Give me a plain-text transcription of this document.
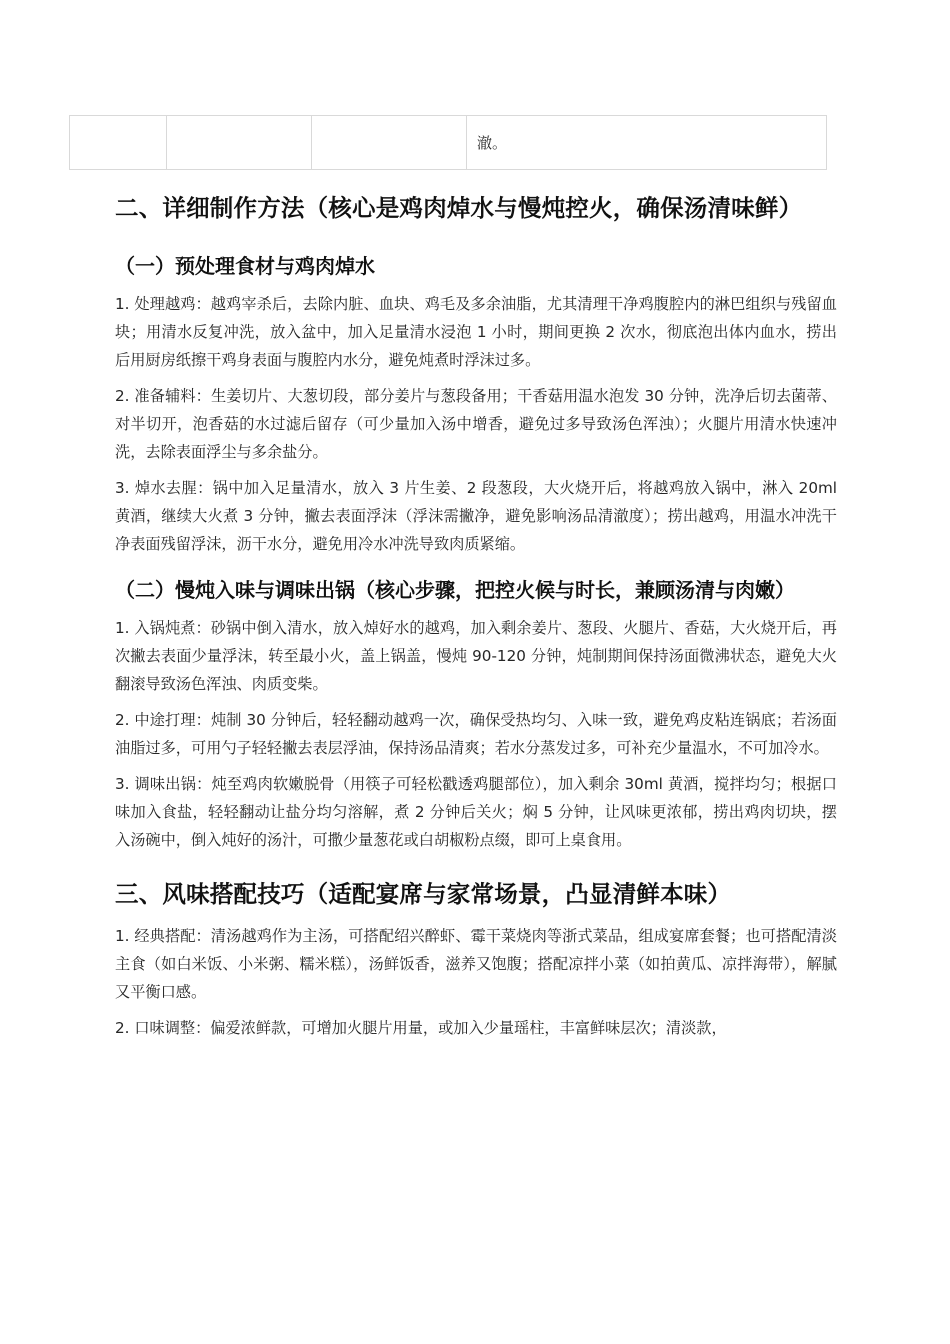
			澈。
二、详细制作方法（核心是鸡肉焯水与慢炖控火，确保汤清味鲜）
（一）预处理食材与鸡肉焯水

1. 处理越鸡：越鸡宰杀后，去除内脏、血块、鸡毛及多余油脂，尤其清理干净鸡腹腔内的淋巴组织与残留血块；用清水反复冲洗，放入盆中，加入足量清水浸泡 1 小时，期间更换 2 次水，彻底泡出体内血水，捞出后用厨房纸擦干鸡身表面与腹腔内水分，避免炖煮时浮沫过多。

2. 准备辅料：生姜切片、大葱切段，部分姜片与葱段备用；干香菇用温水泡发 30 分钟，洗净后切去菌蒂、对半切开，泡香菇的水过滤后留存（可少量加入汤中增香，避免过多导致汤色浑浊）；火腿片用清水快速冲洗，去除表面浮尘与多余盐分。

3. 焯水去腥：锅中加入足量清水，放入 3 片生姜、2 段葱段，大火烧开后，将越鸡放入锅中，淋入 20ml 黄酒，继续大火煮 3 分钟，撇去表面浮沫（浮沫需撇净，避免影响汤品清澈度）；捞出越鸡，用温水冲洗干净表面残留浮沫，沥干水分，避免用冷水冲洗导致肉质紧缩。

（二）慢炖入味与调味出锅（核心步骤，把控火候与时长，兼顾汤清与肉嫩）

1. 入锅炖煮：砂锅中倒入清水，放入焯好水的越鸡，加入剩余姜片、葱段、火腿片、香菇，大火烧开后，再次撇去表面少量浮沫，转至最小火，盖上锅盖，慢炖 90-120 分钟，炖制期间保持汤面微沸状态，避免大火翻滚导致汤色浑浊、肉质变柴。

2. 中途打理：炖制 30 分钟后，轻轻翻动越鸡一次，确保受热均匀、入味一致，避免鸡皮粘连锅底；若汤面油脂过多，可用勺子轻轻撇去表层浮油，保持汤品清爽；若水分蒸发过多，可补充少量温水，不可加冷水。

3. 调味出锅：炖至鸡肉软嫩脱骨（用筷子可轻松戳透鸡腿部位），加入剩余 30ml 黄酒，搅拌均匀；根据口味加入食盐，轻轻翻动让盐分均匀溶解，煮 2 分钟后关火；焖 5 分钟，让风味更浓郁，捞出鸡肉切块，摆入汤碗中，倒入炖好的汤汁，可撒少量葱花或白胡椒粉点缀，即可上桌食用。

三、风味搭配技巧（适配宴席与家常场景，凸显清鲜本味）

1. 经典搭配：清汤越鸡作为主汤，可搭配绍兴醉虾、霉干菜烧肉等浙式菜品，组成宴席套餐；也可搭配清淡主食（如白米饭、小米粥、糯米糕），汤鲜饭香，滋养又饱腹；搭配凉拌小菜（如拍黄瓜、凉拌海带），解腻又平衡口感。

2. 口味调整：偏爱浓鲜款，可增加火腿片用量，或加入少量瑶柱，丰富鲜味层次；清淡款，
